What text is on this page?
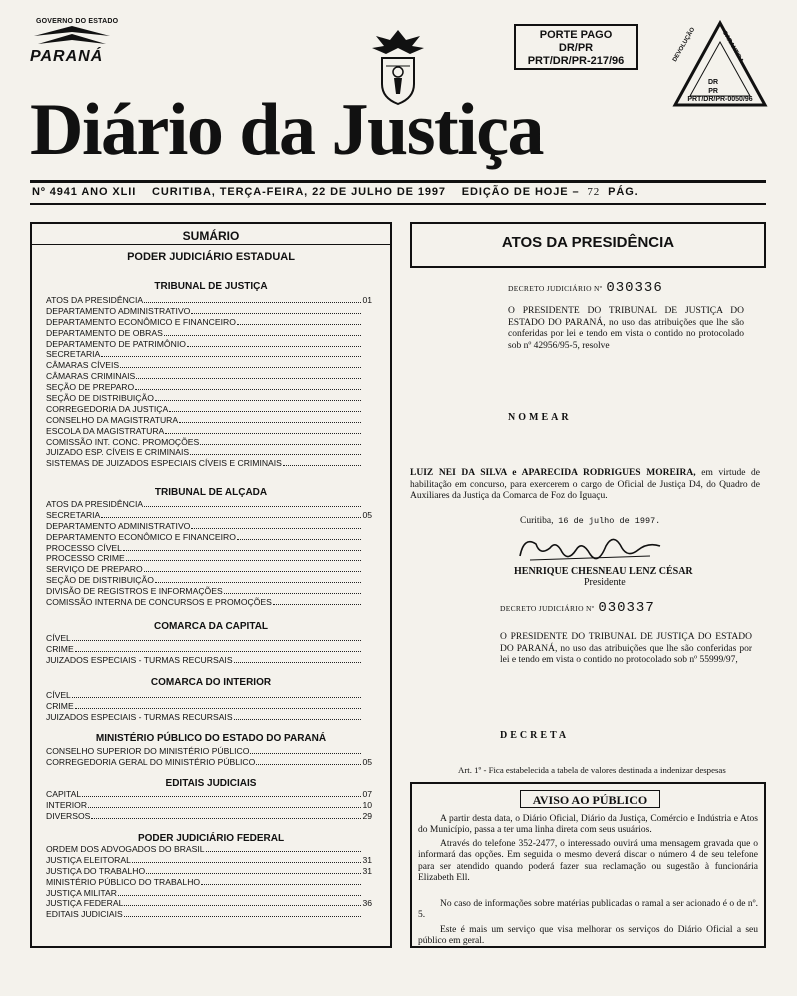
GOVERNO DO ESTADO
PARANÁ
PORTE PAGO
DR/PR
PRT/DR/PR-217/96	DEVOLUÇÃO	GARANTIDA
DR
PR
PRT/DR/PR-0050/96
Diário da Justiça
Nº 4941 ANO XLII CURITIBA, TERÇA-FEIRA, 22 DE JULHO DE 1997 EDIÇÃO DE HOJE – 72 PÁG.
SUMÁRIO
PODER JUDICIÁRIO ESTADUAL
TRIBUNAL DE JUSTIÇA
ATOS DA PRESIDÊNCIA	01
DEPARTAMENTO ADMINISTRATIVO
DEPARTAMENTO ECONÔMICO E FINANCEIRO
DEPARTAMENTO DE OBRAS
DEPARTAMENTO DE PATRIMÔNIO
SECRETARIA
CÂMARAS CÍVEIS
CÂMARAS CRIMINAIS
SEÇÃO DE PREPARO
SEÇÃO DE DISTRIBUIÇÃO
CORREGEDORIA DA JUSTIÇA
CONSELHO DA MAGISTRATURA
ESCOLA DA MAGISTRATURA
COMISSÃO INT. CONC. PROMOÇÕES
JUIZADO ESP. CÍVEIS E CRIMINAIS
SISTEMAS DE JUIZADOS ESPECIAIS CÍVEIS E CRIMINAIS
TRIBUNAL DE ALÇADA
ATOS DA PRESIDÊNCIA
SECRETARIA	05
DEPARTAMENTO ADMINISTRATIVO
DEPARTAMENTO ECONÔMICO E FINANCEIRO
PROCESSO CÍVEL
PROCESSO CRIME
SERVIÇO DE PREPARO
SEÇÃO DE DISTRIBUIÇÃO
DIVISÃO DE REGISTROS E INFORMAÇÕES
COMISSÃO INTERNA DE CONCURSOS E PROMOÇÕES
COMARCA DA CAPITAL
CÍVEL
CRIME
JUIZADOS ESPECIAIS - TURMAS RECURSAIS
COMARCA DO INTERIOR
CÍVEL
CRIME
JUIZADOS ESPECIAIS - TURMAS RECURSAIS
MINISTÉRIO PÚBLICO DO ESTADO DO PARANÁ
CONSELHO SUPERIOR DO MINISTÉRIO PÚBLICO
CORREGEDORIA GERAL DO MINISTÉRIO PÚBLICO	05
EDITAIS JUDICIAIS
CAPITAL	07
INTERIOR	10
DIVERSOS	29
PODER JUDICIÁRIO FEDERAL
ORDEM DOS ADVOGADOS DO BRASIL
JUSTIÇA ELEITORAL	31
JUSTIÇA DO TRABALHO	31
MINISTÉRIO PÚBLICO DO TRABALHO
JUSTIÇA MILITAR
JUSTIÇA FEDERAL	36
EDITAIS JUDICIAIS
ATOS DA PRESIDÊNCIA
DECRETO JUDICIÁRIO Nº 030336
O PRESIDENTE DO TRIBUNAL DE JUSTIÇA DO ESTADO DO PARANÁ, no uso das atribuições que lhe são conferidas por lei e tendo em vista o contido no protocolado sob nº 42956/95-5, resolve
NOMEAR
LUIZ NEI DA SILVA e APARECIDA RODRIGUES MOREIRA, em virtude de habilitação em concurso, para exercerem o cargo de Oficial de Justiça D4, do Quadro de Auxiliares da Justiça da Comarca de Foz do Iguaçu.
Curitiba, 16 de julho de 1997.
HENRIQUE CHESNEAU LENZ CÉSAR
Presidente
DECRETO JUDICIÁRIO Nº 030337
O PRESIDENTE DO TRIBUNAL DE JUSTIÇA DO ESTADO DO PARANÁ, no uso das atribuições que lhe são conferidas por lei e tendo em vista o contido no protocolado sob nº 55999/97,
DECRETA
Art. 1º - Fica estabelecida a tabela de valores destinada a indenizar despesas
AVISO AO PÚBLICO
A partir desta data, o Diário Oficial, Diário da Justiça, Comércio e Indústria e Atos do Município, passa a ter uma linha direta com seus usuários.
Através do telefone 352-2477, o interessado ouvirá uma mensagem gravada que o informará das opções. Em seguida o mesmo deverá discar o número 4 de seu telefone para ser atendido quando poderá fazer sua reclamação ou sugestão à funcionária Elizabeth Ell.
No caso de informações sobre matérias publicadas o ramal a ser acionado é o de nº. 5.
Este é mais um serviço que visa melhorar os serviços do Diário Oficial a seu público em geral.
